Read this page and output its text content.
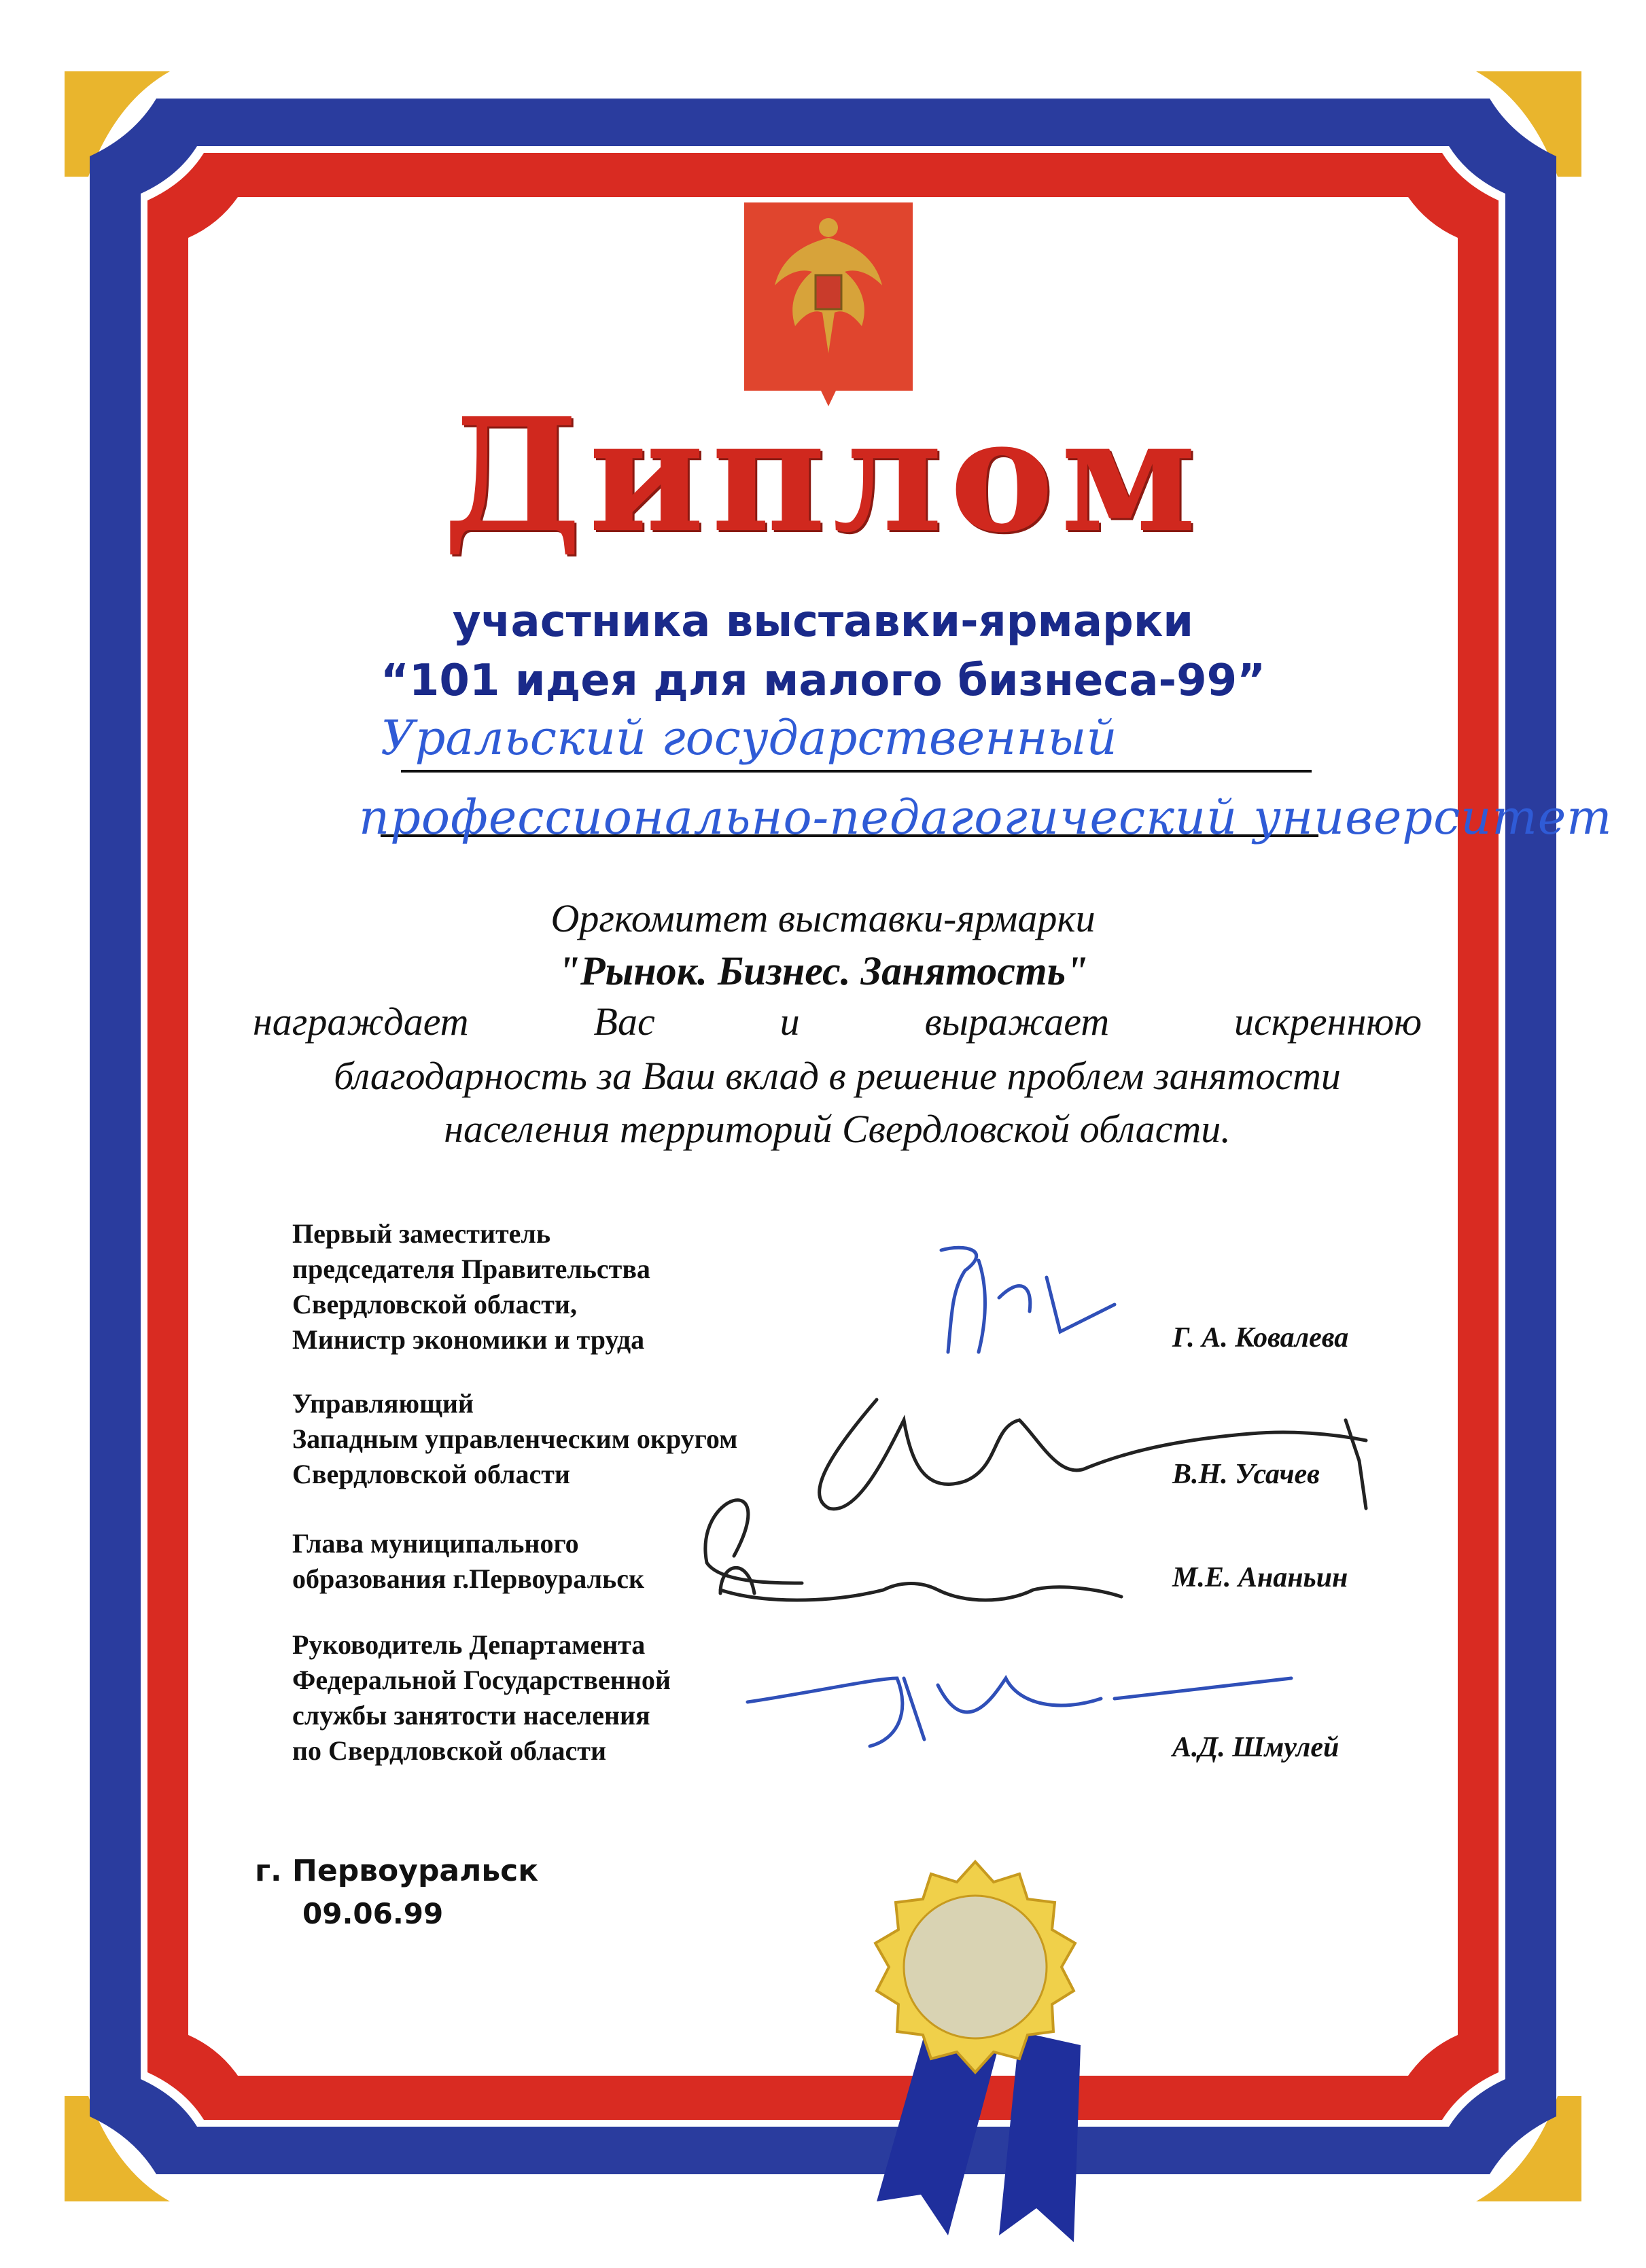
Диплом
участника выставки-ярмарки
“101 идея для малого бизнеса-99”
Уральский государственный
профессионально-педагогический университет
Оргкомитет выставки-ярмарки
"Рынок. Бизнес. Занятость"
награждает Вас и выражает искреннюю
благодарность за Ваш вклад в решение проблем занятости
населения территорий Свердловской области.
Первый заместитель
председателя Правительства
Свердловской области,
Министр экономики и труда	Г. А. Ковалева
Управляющий
Западным управленческим округом
Свердловской области	В.Н. Усачев
Глава муниципального
образования г.Первоуральск	М.Е. Ананьин
Руководитель Департамента
Федеральной Государственной
службы занятости населения
по Свердловской области	А.Д. Шмулей
г. Первоуральск
09.06.99
